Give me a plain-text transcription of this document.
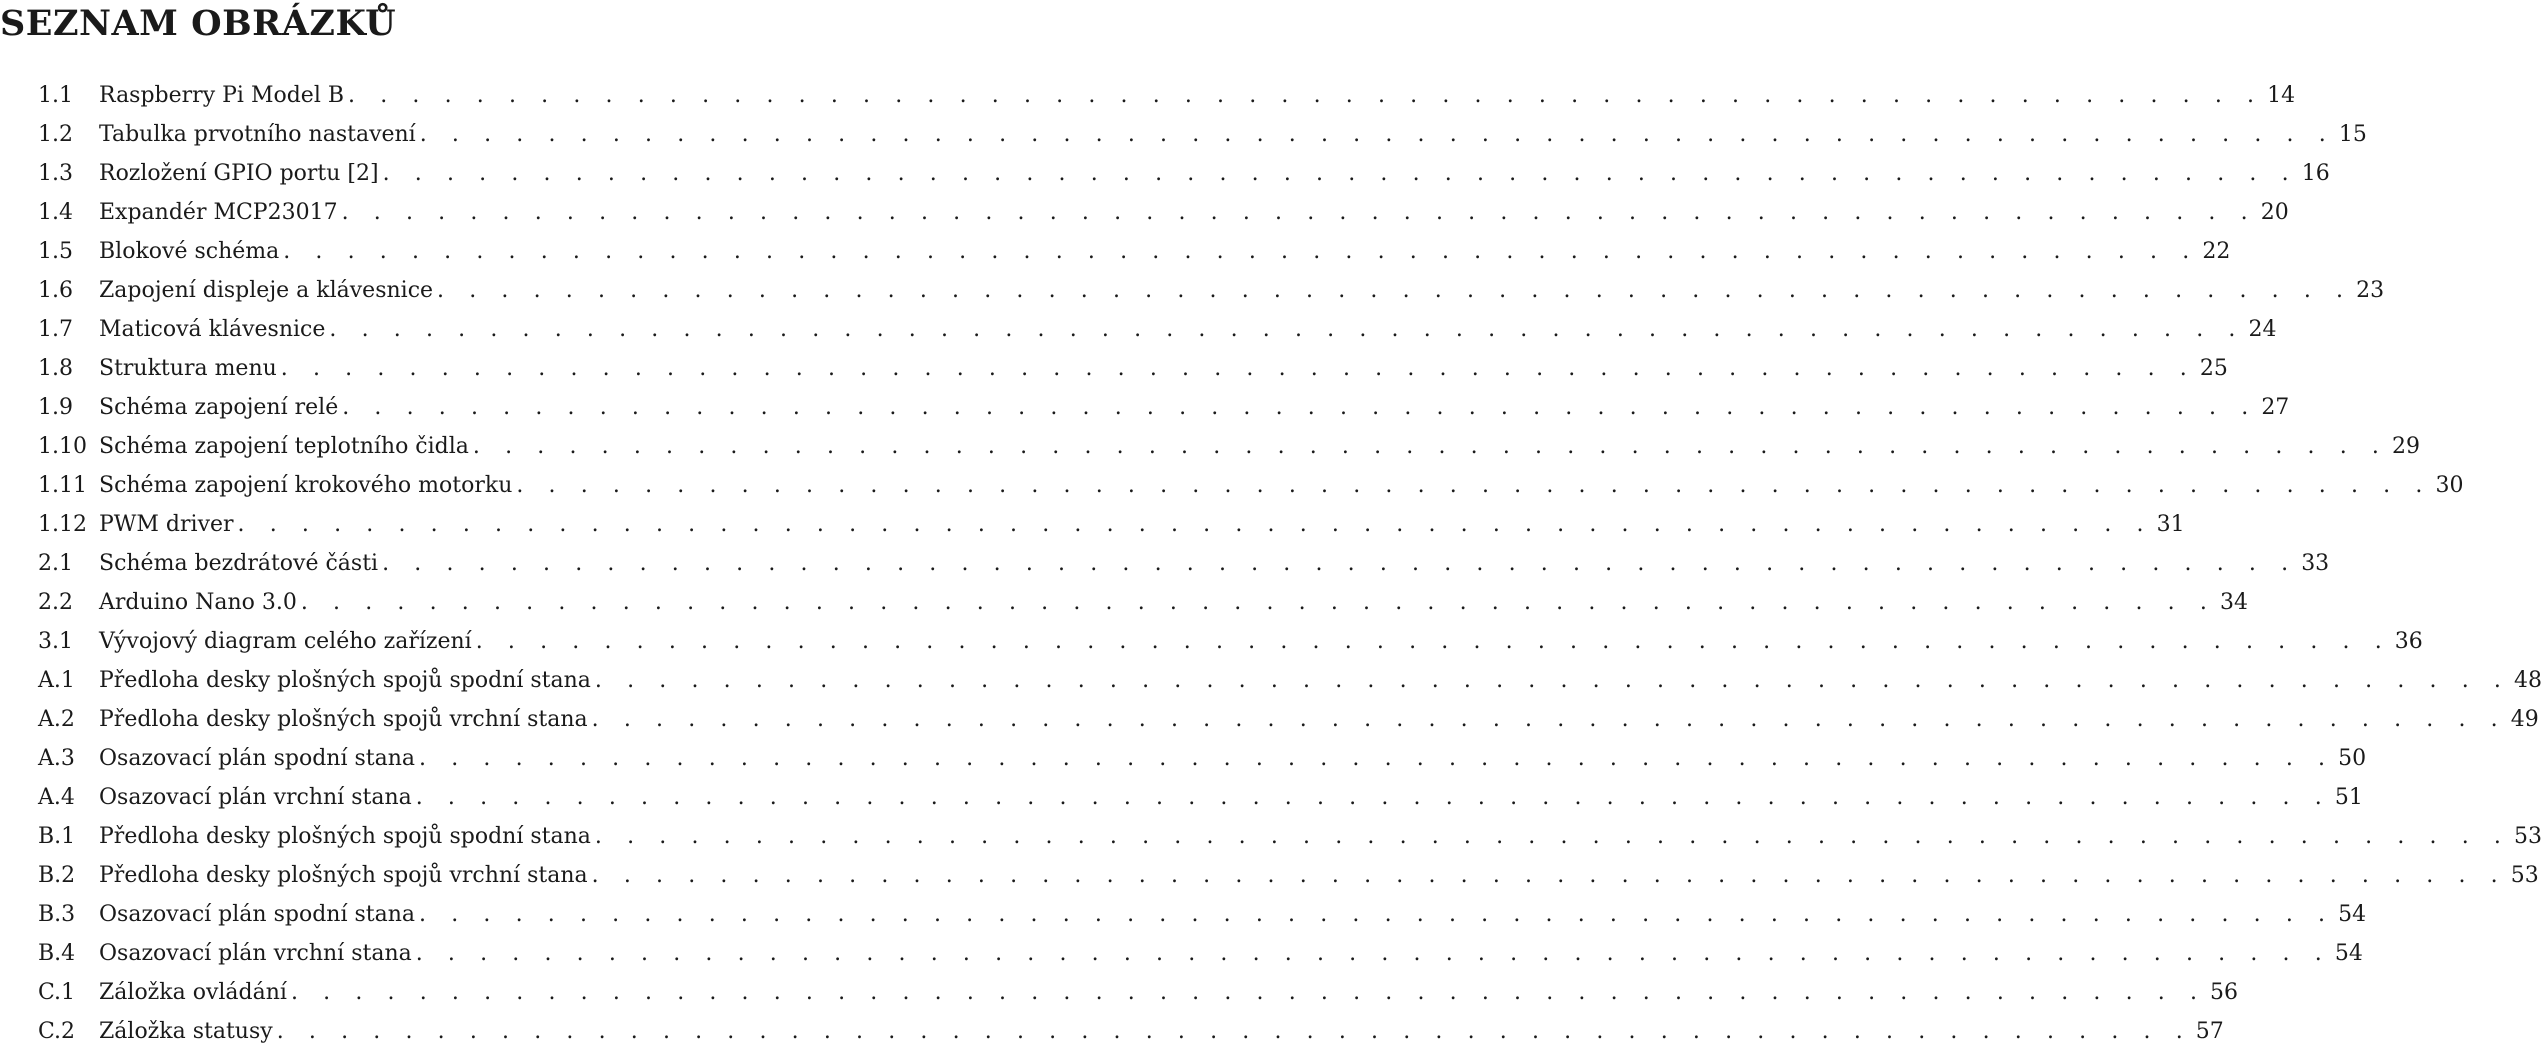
SEZNAM OBRÁZKŮ
1.1	Raspberry Pi Model B . . . . . . . . . . . . . . . . . . . . . . . . . . . . . . . . . . . . . . . . . . . . . . . . . . . . . . . . . . . . 14
1.2	Tabulka prvotního nastavení . . . . . . . . . . . . . . . . . . . . . . . . . . . . . . . . . . . . . . . . . . . . . . . . . . . . . . . . . . . . 15
1.3	Rozložení GPIO portu [2] . . . . . . . . . . . . . . . . . . . . . . . . . . . . . . . . . . . . . . . . . . . . . . . . . . . . . . . . . . . . 16
1.4	Expandér MCP23017 . . . . . . . . . . . . . . . . . . . . . . . . . . . . . . . . . . . . . . . . . . . . . . . . . . . . . . . . . . . . 20
1.5	Blokové schéma . . . . . . . . . . . . . . . . . . . . . . . . . . . . . . . . . . . . . . . . . . . . . . . . . . . . . . . . . . . . 22
1.6	Zapojení displeje a klávesnice . . . . . . . . . . . . . . . . . . . . . . . . . . . . . . . . . . . . . . . . . . . . . . . . . . . . . . . . . . . . 23
1.7	Maticová klávesnice . . . . . . . . . . . . . . . . . . . . . . . . . . . . . . . . . . . . . . . . . . . . . . . . . . . . . . . . . . . . 24
1.8	Struktura menu . . . . . . . . . . . . . . . . . . . . . . . . . . . . . . . . . . . . . . . . . . . . . . . . . . . . . . . . . . . . 25
1.9	Schéma zapojení relé . . . . . . . . . . . . . . . . . . . . . . . . . . . . . . . . . . . . . . . . . . . . . . . . . . . . . . . . . . . . 27
1.10 Schéma zapojení teplotního čidla . . . . . . . . . . . . . . . . . . . . . . . . . . . . . . . . . . . . . . . . . . . . . . . . . . . . . . . . . . . . 29
1.11 Schéma zapojení krokového motorku . . . . . . . . . . . . . . . . . . . . . . . . . . . . . . . . . . . . . . . . . . . . . . . . . . . . . . . . . . . . 30
1.12 PWM driver . . . . . . . . . . . . . . . . . . . . . . . . . . . . . . . . . . . . . . . . . . . . . . . . . . . . . . . . . . . . 31
2.1	Schéma bezdrátové části . . . . . . . . . . . . . . . . . . . . . . . . . . . . . . . . . . . . . . . . . . . . . . . . . . . . . . . . . . . . 33
2.2	Arduino Nano 3.0 . . . . . . . . . . . . . . . . . . . . . . . . . . . . . . . . . . . . . . . . . . . . . . . . . . . . . . . . . . . . 34
3.1	Vývojový diagram celého zařízení . . . . . . . . . . . . . . . . . . . . . . . . . . . . . . . . . . . . . . . . . . . . . . . . . . . . . . . . . . . . 36
A.1	Předloha desky plošných spojů spodní stana . . . . . . . . . . . . . . . . . . . . . . . . . . . . . . . . . . . . . . . . . . . . . . . . . . . . . . . . . . . . 48
A.2	Předloha desky plošných spojů vrchní stana . . . . . . . . . . . . . . . . . . . . . . . . . . . . . . . . . . . . . . . . . . . . . . . . . . . . . . . . . . . . 49
A.3	Osazovací plán spodní stana . . . . . . . . . . . . . . . . . . . . . . . . . . . . . . . . . . . . . . . . . . . . . . . . . . . . . . . . . . . . 50
A.4	Osazovací plán vrchní stana . . . . . . . . . . . . . . . . . . . . . . . . . . . . . . . . . . . . . . . . . . . . . . . . . . . . . . . . . . . . 51
B.1	Předloha desky plošných spojů spodní stana . . . . . . . . . . . . . . . . . . . . . . . . . . . . . . . . . . . . . . . . . . . . . . . . . . . . . . . . . . . . 53
B.2	Předloha desky plošných spojů vrchní stana . . . . . . . . . . . . . . . . . . . . . . . . . . . . . . . . . . . . . . . . . . . . . . . . . . . . . . . . . . . . 53
B.3	Osazovací plán spodní stana . . . . . . . . . . . . . . . . . . . . . . . . . . . . . . . . . . . . . . . . . . . . . . . . . . . . . . . . . . . . 54
B.4	Osazovací plán vrchní stana . . . . . . . . . . . . . . . . . . . . . . . . . . . . . . . . . . . . . . . . . . . . . . . . . . . . . . . . . . . . 54
C.1	Záložka ovládání . . . . . . . . . . . . . . . . . . . . . . . . . . . . . . . . . . . . . . . . . . . . . . . . . . . . . . . . . . . . 56
C.2	Záložka statusy . . . . . . . . . . . . . . . . . . . . . . . . . . . . . . . . . . . . . . . . . . . . . . . . . . . . . . . . . . . . 57
